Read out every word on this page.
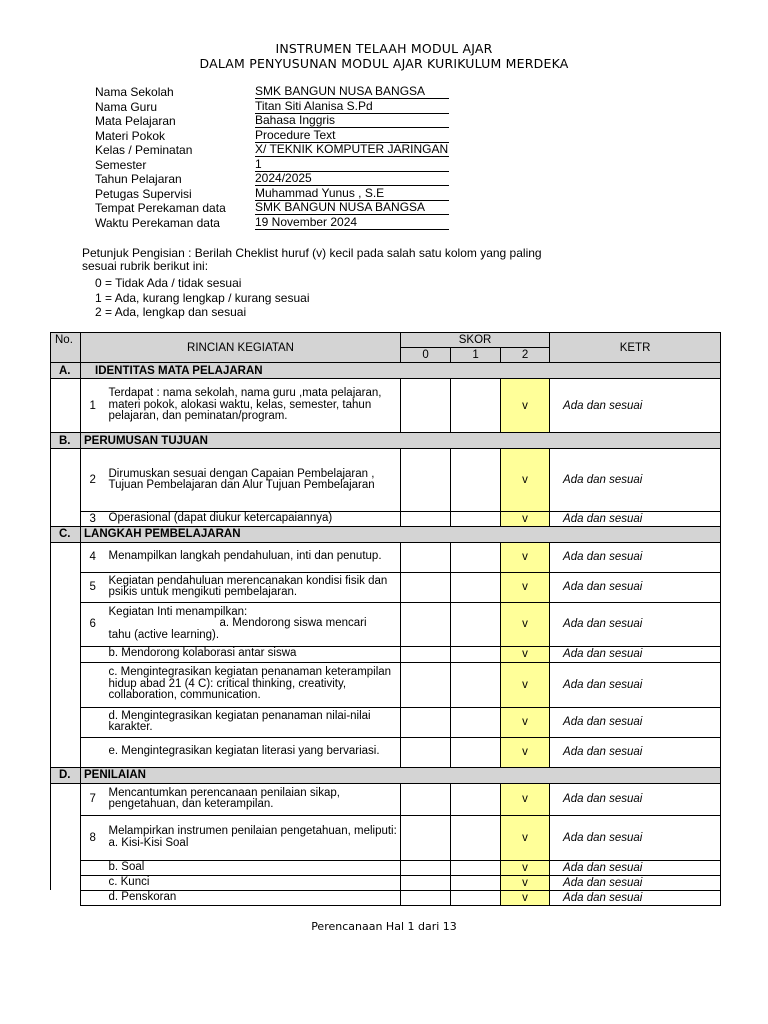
INSTRUMEN TELAAH MODUL AJAR
DALAM PENYUSUNAN MODUL AJAR KURIKULUM MERDEKA
Nama Sekolah	SMK BANGUN NUSA BANGSA
Nama Guru	Titan Siti Alanisa S.Pd
Mata Pelajaran	Bahasa Inggris
Materi Pokok	Procedure Text
Kelas / Peminatan	X/ TEKNIK KOMPUTER JARINGAN
Semester	1
Tahun Pelajaran	2024/2025
Petugas Supervisi	Muhammad Yunus , S.E
Tempat Perekaman data SMK BANGUN NUSA BANGSA
Waktu Perekaman data	19 November 2024
Petunjuk Pengisian : Berilah Cheklist huruf (v) kecil pada salah satu kolom yang paling sesuai rubrik berikut ini:
0 = Tidak Ada / tidak sesuai
1 = Ada, kurang lengkap / kurang sesuai
2 = Ada, lengkap dan sesuai
No.	RINCIAN KEGIATAN		SKOR			KETR
			0	1	2	
A.	IDENTITAS MATA PELAJARAN					
	1	Terdapat : nama sekolah, nama guru ,mata pelajaran, materi pokok, alokasi waktu, kelas, semester, tahun pelajaran, dan peminatan/program.			v	Ada dan sesuai
B.	PERUMUSAN TUJUAN					
	2	Dirumuskan sesuai dengan Capaian Pembelajaran , Tujuan Pembelajaran dan Alur Tujuan Pembelajaran			v	Ada dan sesuai
	3	Operasional (dapat diukur ketercapaiannya)			v	Ada dan sesuai
C.	LANGKAH PEMBELAJARAN					
	4	Menampilkan langkah pendahuluan, inti dan penutup.			v	Ada dan sesuai
	5	Kegiatan pendahuluan merencanakan kondisi fisik dan psikis untuk mengikuti pembelajaran.			v	Ada dan sesuai
	6	Kegiatan Inti menampilkan:
a. Mendorong siswa mencari
tahu (active learning).			v	Ada dan sesuai
		b. Mendorong kolaborasi antar siswa			v	Ada dan sesuai
		c. Mengintegrasikan kegiatan penanaman keterampilan hidup abad 21 (4 C): critical thinking, creativity, collaboration, communication.			v	Ada dan sesuai
		d. Mengintegrasikan kegiatan penanaman nilai-nilai karakter.			v	Ada dan sesuai
		e. Mengintegrasikan kegiatan literasi yang bervariasi.			v	Ada dan sesuai
D.	PENILAIAN					
	7	Mencantumkan perencanaan penilaian sikap, pengetahuan, dan keterampilan.			v	Ada dan sesuai
	8	Melampirkan instrumen penilaian pengetahuan, meliputi:
a. Kisi-Kisi Soal			v	Ada dan sesuai
		b. Soal			v	Ada dan sesuai
		c. Kunci			v	Ada dan sesuai
		d. Penskoran			v	Ada dan sesuai
Perencanaan Hal 1 dari 13
